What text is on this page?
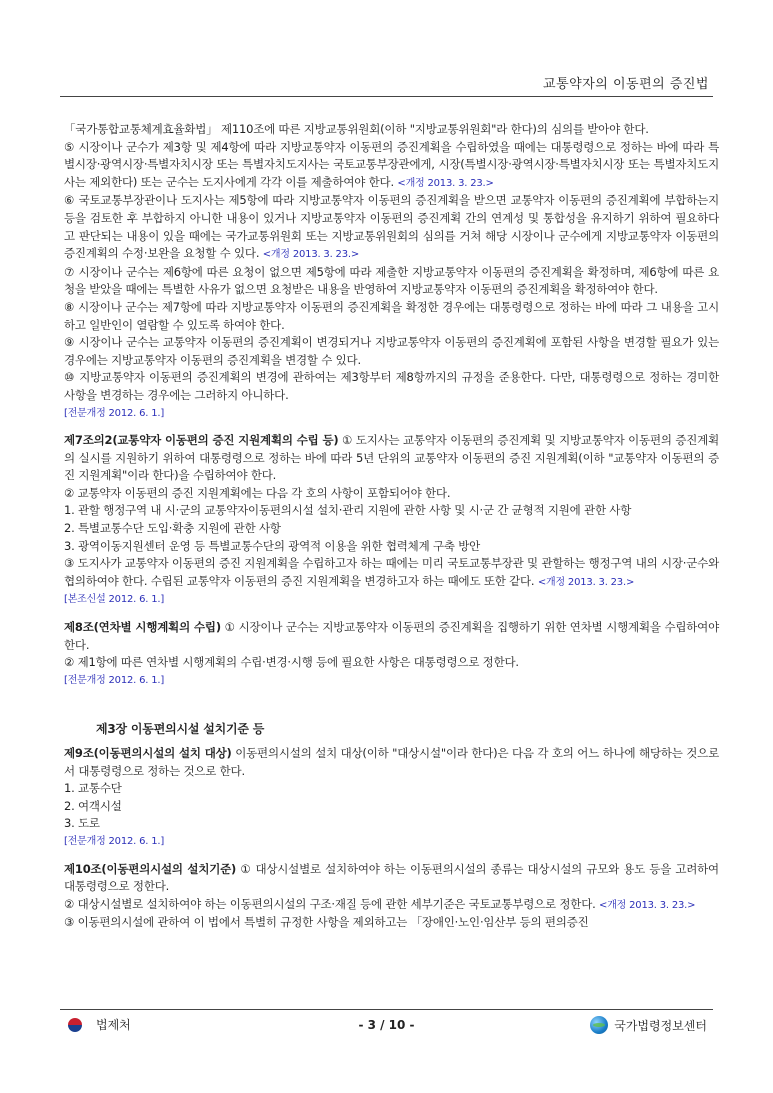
교통약자의 이동편의 증진법

「국가통합교통체계효율화법」 제110조에 따른 지방교통위원회(이하 "지방교통위원회"라 한다)의 심의를 받아야 한다.

⑤ 시장이나 군수가 제3항 및 제4항에 따라 지방교통약자 이동편의 증진계획을 수립하였을 때에는 대통령령으로 정하는 바에 따라 특별시장·광역시장·특별자치시장 또는 특별자치도지사는 국토교통부장관에게, 시장(특별시장·광역시장·특별자치시장 또는 특별자치도지사는 제외한다) 또는 군수는 도지사에게 각각 이를 제출하여야 한다. <개정 2013. 3. 23.>

⑥ 국토교통부장관이나 도지사는 제5항에 따라 지방교통약자 이동편의 증진계획을 받으면 교통약자 이동편의 증진계획에 부합하는지 등을 검토한 후 부합하지 아니한 내용이 있거나 지방교통약자 이동편의 증진계획 간의 연계성 및 통합성을 유지하기 위하여 필요하다고 판단되는 내용이 있을 때에는 국가교통위원회 또는 지방교통위원회의 심의를 거쳐 해당 시장이나 군수에게 지방교통약자 이동편의 증진계획의 수정·보완을 요청할 수 있다. <개정 2013. 3. 23.>

⑦ 시장이나 군수는 제6항에 따른 요청이 없으면 제5항에 따라 제출한 지방교통약자 이동편의 증진계획을 확정하며, 제6항에 따른 요청을 받았을 때에는 특별한 사유가 없으면 요청받은 내용을 반영하여 지방교통약자 이동편의 증진계획을 확정하여야 한다.

⑧ 시장이나 군수는 제7항에 따라 지방교통약자 이동편의 증진계획을 확정한 경우에는 대통령령으로 정하는 바에 따라 그 내용을 고시하고 일반인이 열람할 수 있도록 하여야 한다.

⑨ 시장이나 군수는 교통약자 이동편의 증진계획이 변경되거나 지방교통약자 이동편의 증진계획에 포함된 사항을 변경할 필요가 있는 경우에는 지방교통약자 이동편의 증진계획을 변경할 수 있다.

⑩ 지방교통약자 이동편의 증진계획의 변경에 관하여는 제3항부터 제8항까지의 규정을 준용한다. 다만, 대통령령으로 정하는 경미한 사항을 변경하는 경우에는 그러하지 아니하다.

[전문개정 2012. 6. 1.]

제7조의2(교통약자 이동편의 증진 지원계획의 수립 등) ① 도지사는 교통약자 이동편의 증진계획 및 지방교통약자 이동편의 증진계획의 실시를 지원하기 위하여 대통령령으로 정하는 바에 따라 5년 단위의 교통약자 이동편의 증진 지원계획(이하 "교통약자 이동편의 증진 지원계획"이라 한다)을 수립하여야 한다.

② 교통약자 이동편의 증진 지원계획에는 다음 각 호의 사항이 포함되어야 한다.

1. 관할 행정구역 내 시·군의 교통약자이동편의시설 설치·관리 지원에 관한 사항 및 시·군 간 균형적 지원에 관한 사항

2. 특별교통수단 도입·확충 지원에 관한 사항

3. 광역이동지원센터 운영 등 특별교통수단의 광역적 이용을 위한 협력체계 구축 방안

③ 도지사가 교통약자 이동편의 증진 지원계획을 수립하고자 하는 때에는 미리 국토교통부장관 및 관할하는 행정구역 내의 시장·군수와 협의하여야 한다. 수립된 교통약자 이동편의 증진 지원계획을 변경하고자 하는 때에도 또한 같다. <개정 2013. 3. 23.>

[본조신설 2012. 6. 1.]

제8조(연차별 시행계획의 수립) ① 시장이나 군수는 지방교통약자 이동편의 증진계획을 집행하기 위한 연차별 시행계획을 수립하여야 한다.

② 제1항에 따른 연차별 시행계획의 수립·변경·시행 등에 필요한 사항은 대통령령으로 정한다.

[전문개정 2012. 6. 1.]

제3장 이동편의시설 설치기준 등

제9조(이동편의시설의 설치 대상) 이동편의시설의 설치 대상(이하 "대상시설"이라 한다)은 다음 각 호의 어느 하나에 해당하는 것으로서 대통령령으로 정하는 것으로 한다.

1. 교통수단

2. 여객시설

3. 도로

[전문개정 2012. 6. 1.]

제10조(이동편의시설의 설치기준) ① 대상시설별로 설치하여야 하는 이동편의시설의 종류는 대상시설의 규모와 용도 등을 고려하여 대통령령으로 정한다.

② 대상시설별로 설치하여야 하는 이동편의시설의 구조·재질 등에 관한 세부기준은 국토교통부령으로 정한다. <개정 2013. 3. 23.>

③ 이동편의시설에 관하여 이 법에서 특별히 규정한 사항을 제외하고는 「장애인·노인·임산부 등의 편의증진

법제처	- 3 / 10 -	국가법령정보센터
